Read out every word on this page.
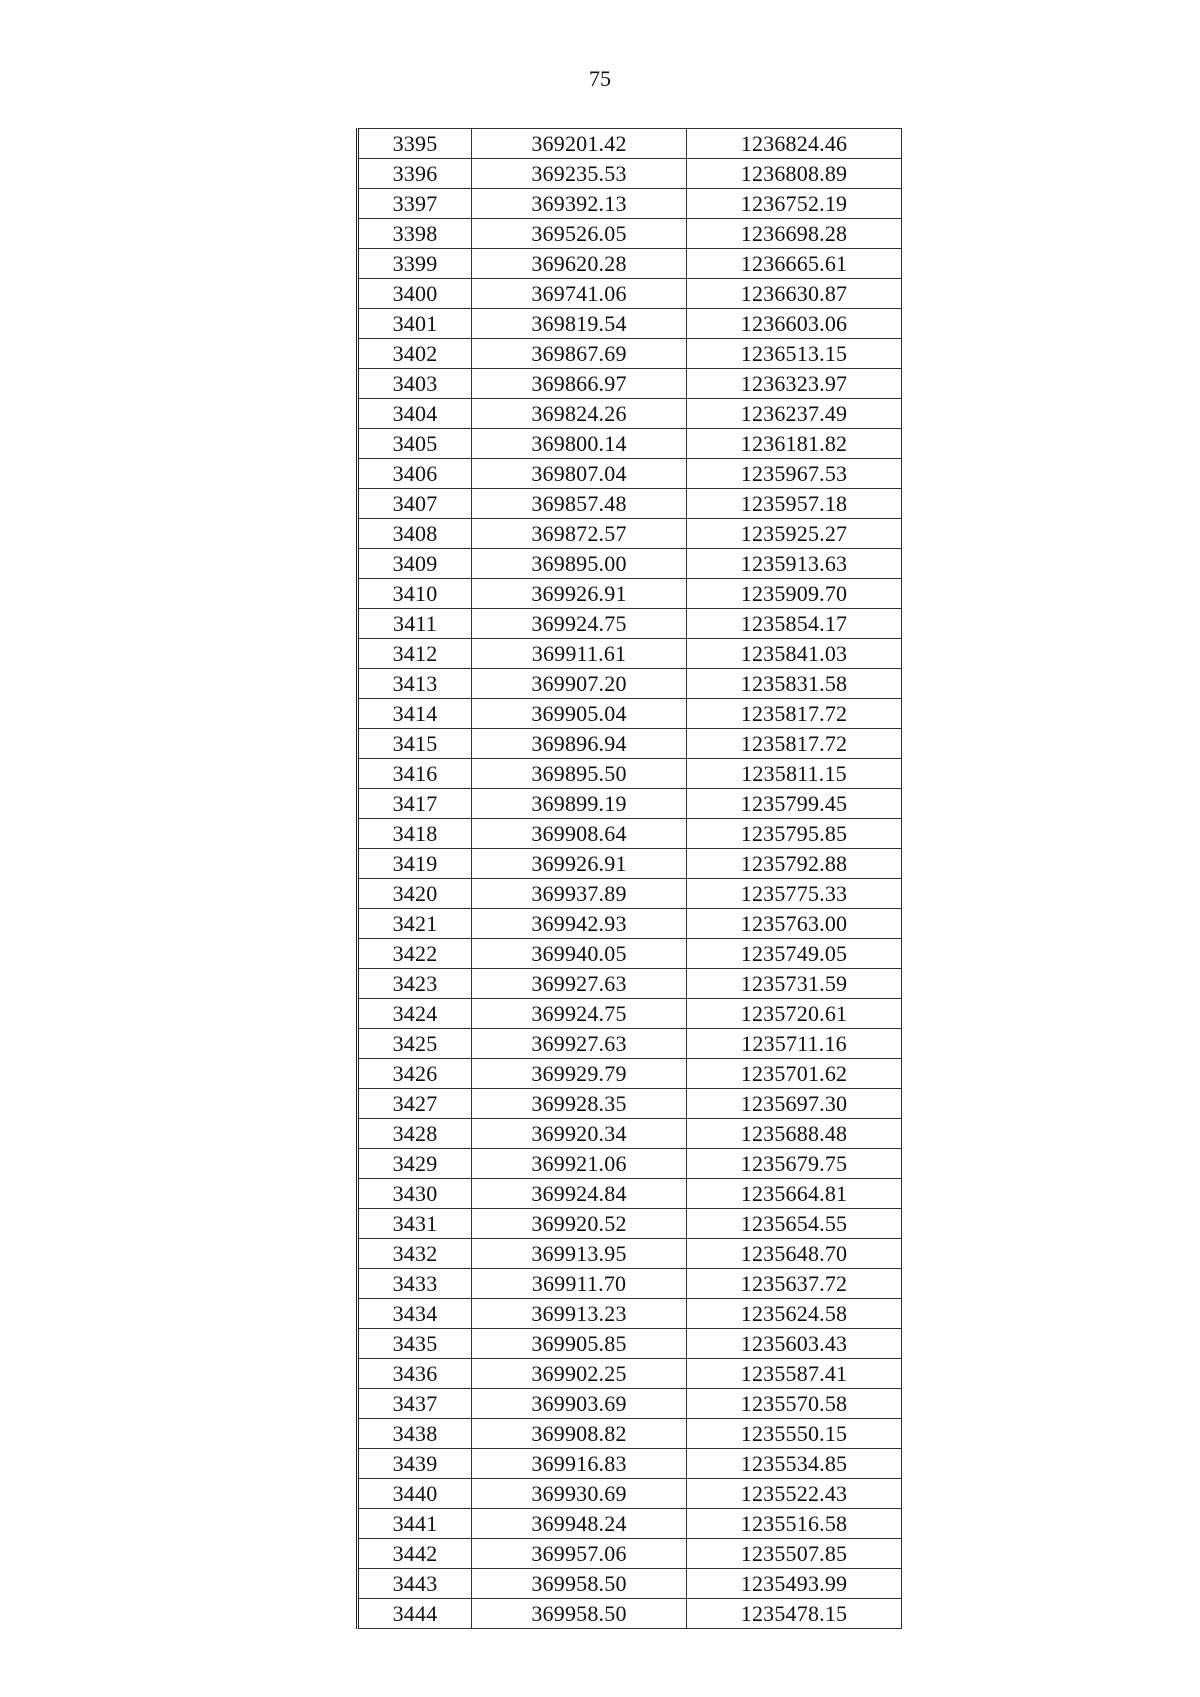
75
3395	369201.42	1236824.46
3396	369235.53	1236808.89
3397	369392.13	1236752.19
3398	369526.05	1236698.28
3399	369620.28	1236665.61
3400	369741.06	1236630.87
3401	369819.54	1236603.06
3402	369867.69	1236513.15
3403	369866.97	1236323.97
3404	369824.26	1236237.49
3405	369800.14	1236181.82
3406	369807.04	1235967.53
3407	369857.48	1235957.18
3408	369872.57	1235925.27
3409	369895.00	1235913.63
3410	369926.91	1235909.70
3411	369924.75	1235854.17
3412	369911.61	1235841.03
3413	369907.20	1235831.58
3414	369905.04	1235817.72
3415	369896.94	1235817.72
3416	369895.50	1235811.15
3417	369899.19	1235799.45
3418	369908.64	1235795.85
3419	369926.91	1235792.88
3420	369937.89	1235775.33
3421	369942.93	1235763.00
3422	369940.05	1235749.05
3423	369927.63	1235731.59
3424	369924.75	1235720.61
3425	369927.63	1235711.16
3426	369929.79	1235701.62
3427	369928.35	1235697.30
3428	369920.34	1235688.48
3429	369921.06	1235679.75
3430	369924.84	1235664.81
3431	369920.52	1235654.55
3432	369913.95	1235648.70
3433	369911.70	1235637.72
3434	369913.23	1235624.58
3435	369905.85	1235603.43
3436	369902.25	1235587.41
3437	369903.69	1235570.58
3438	369908.82	1235550.15
3439	369916.83	1235534.85
3440	369930.69	1235522.43
3441	369948.24	1235516.58
3442	369957.06	1235507.85
3443	369958.50	1235493.99
3444	369958.50	1235478.15
